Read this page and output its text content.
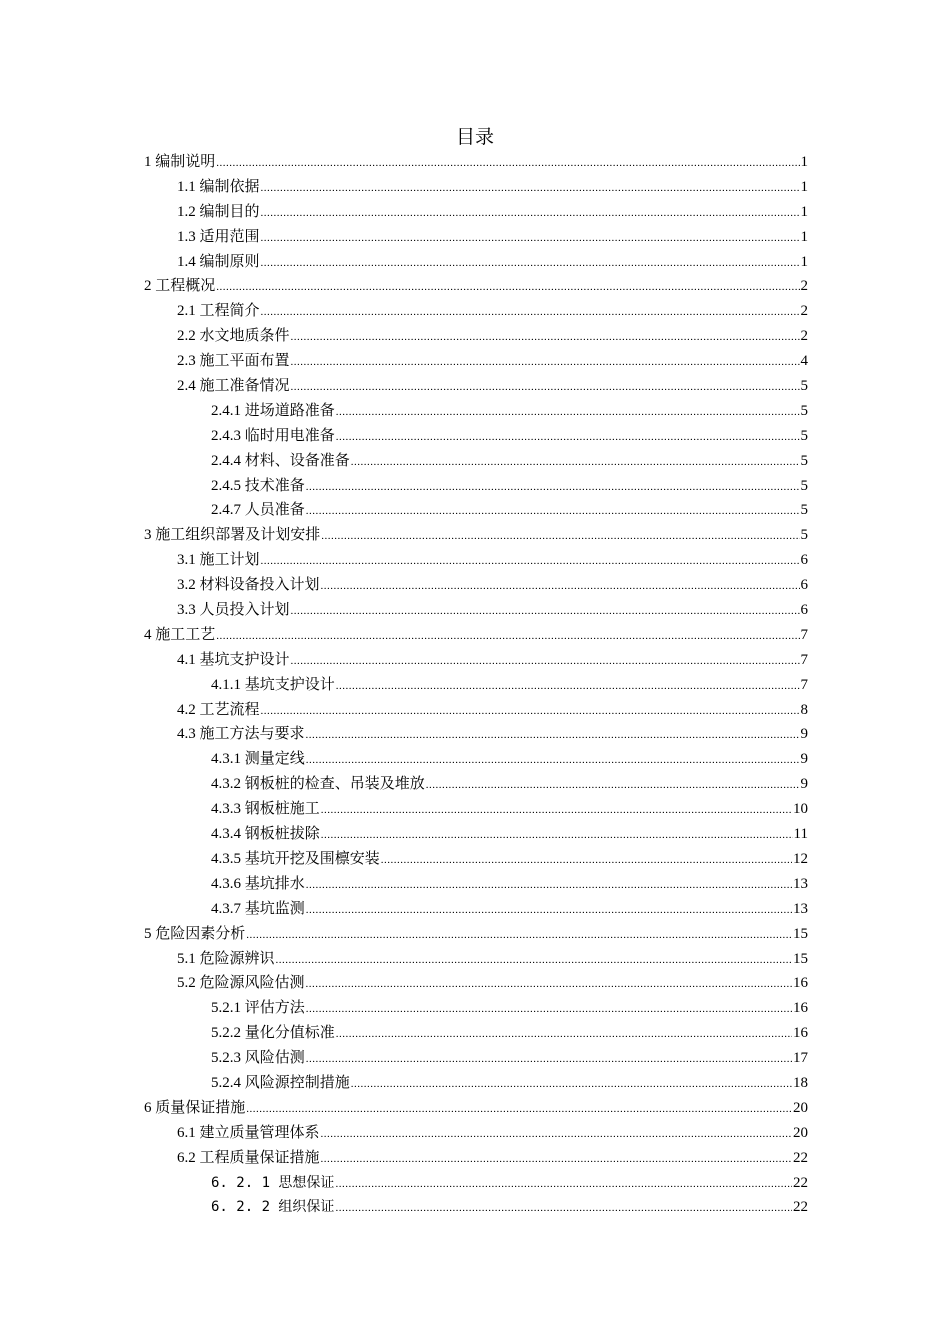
目录
1 编制说明 .....	1
1.1 编制依据 .....	1
1.2 编制目的 .....	1
1.3 适用范围 .....	1
1.4 编制原则 .....	1
2 工程概况 .....	2
2.1 工程简介 .....	2
2.2 水文地质条件 .....	2
2.3 施工平面布置 .....	4
2.4 施工准备情况 .....	5
2.4.1 进场道路准备 .....	5
2.4.3 临时用电准备 .....	5
2.4.4 材料、设备准备 .....	5
2.4.5 技术准备 .....	5
2.4.7 人员准备 .....	5
3 施工组织部署及计划安排 .....	5
3.1 施工计划 .....	6
3.2 材料设备投入计划 .....	6
3.3 人员投入计划 .....	6
4 施工工艺 .....	7
4.1 基坑支护设计 .....	7
4.1.1 基坑支护设计 .....	7
4.2 工艺流程 .....	8
4.3 施工方法与要求 .....	9
4.3.1 测量定线 .....	9
4.3.2 钢板桩的检查、吊装及堆放 .....	9
4.3.3 钢板桩施工 .....	10
4.3.4 钢板桩拔除 .....	11
4.3.5 基坑开挖及围檩安装 .....	12
4.3.6 基坑排水 .....	13
4.3.7 基坑监测 .....	13
5 危险因素分析 .....	15
5.1 危险源辨识 .....	15
5.2 危险源风险估测 .....	16
5.2.1 评估方法 .....	16
5.2.2 量化分值标准 .....	16
5.2.3 风险估测 .....	17
5.2.4 风险源控制措施 .....	18
6 质量保证措施 .....	20
6.1 建立质量管理体系 .....	20
6.2 工程质量保证措施 .....	22
6. 2. 1 思想保证 .....	22
6. 2. 2 组织保证 .....	22
